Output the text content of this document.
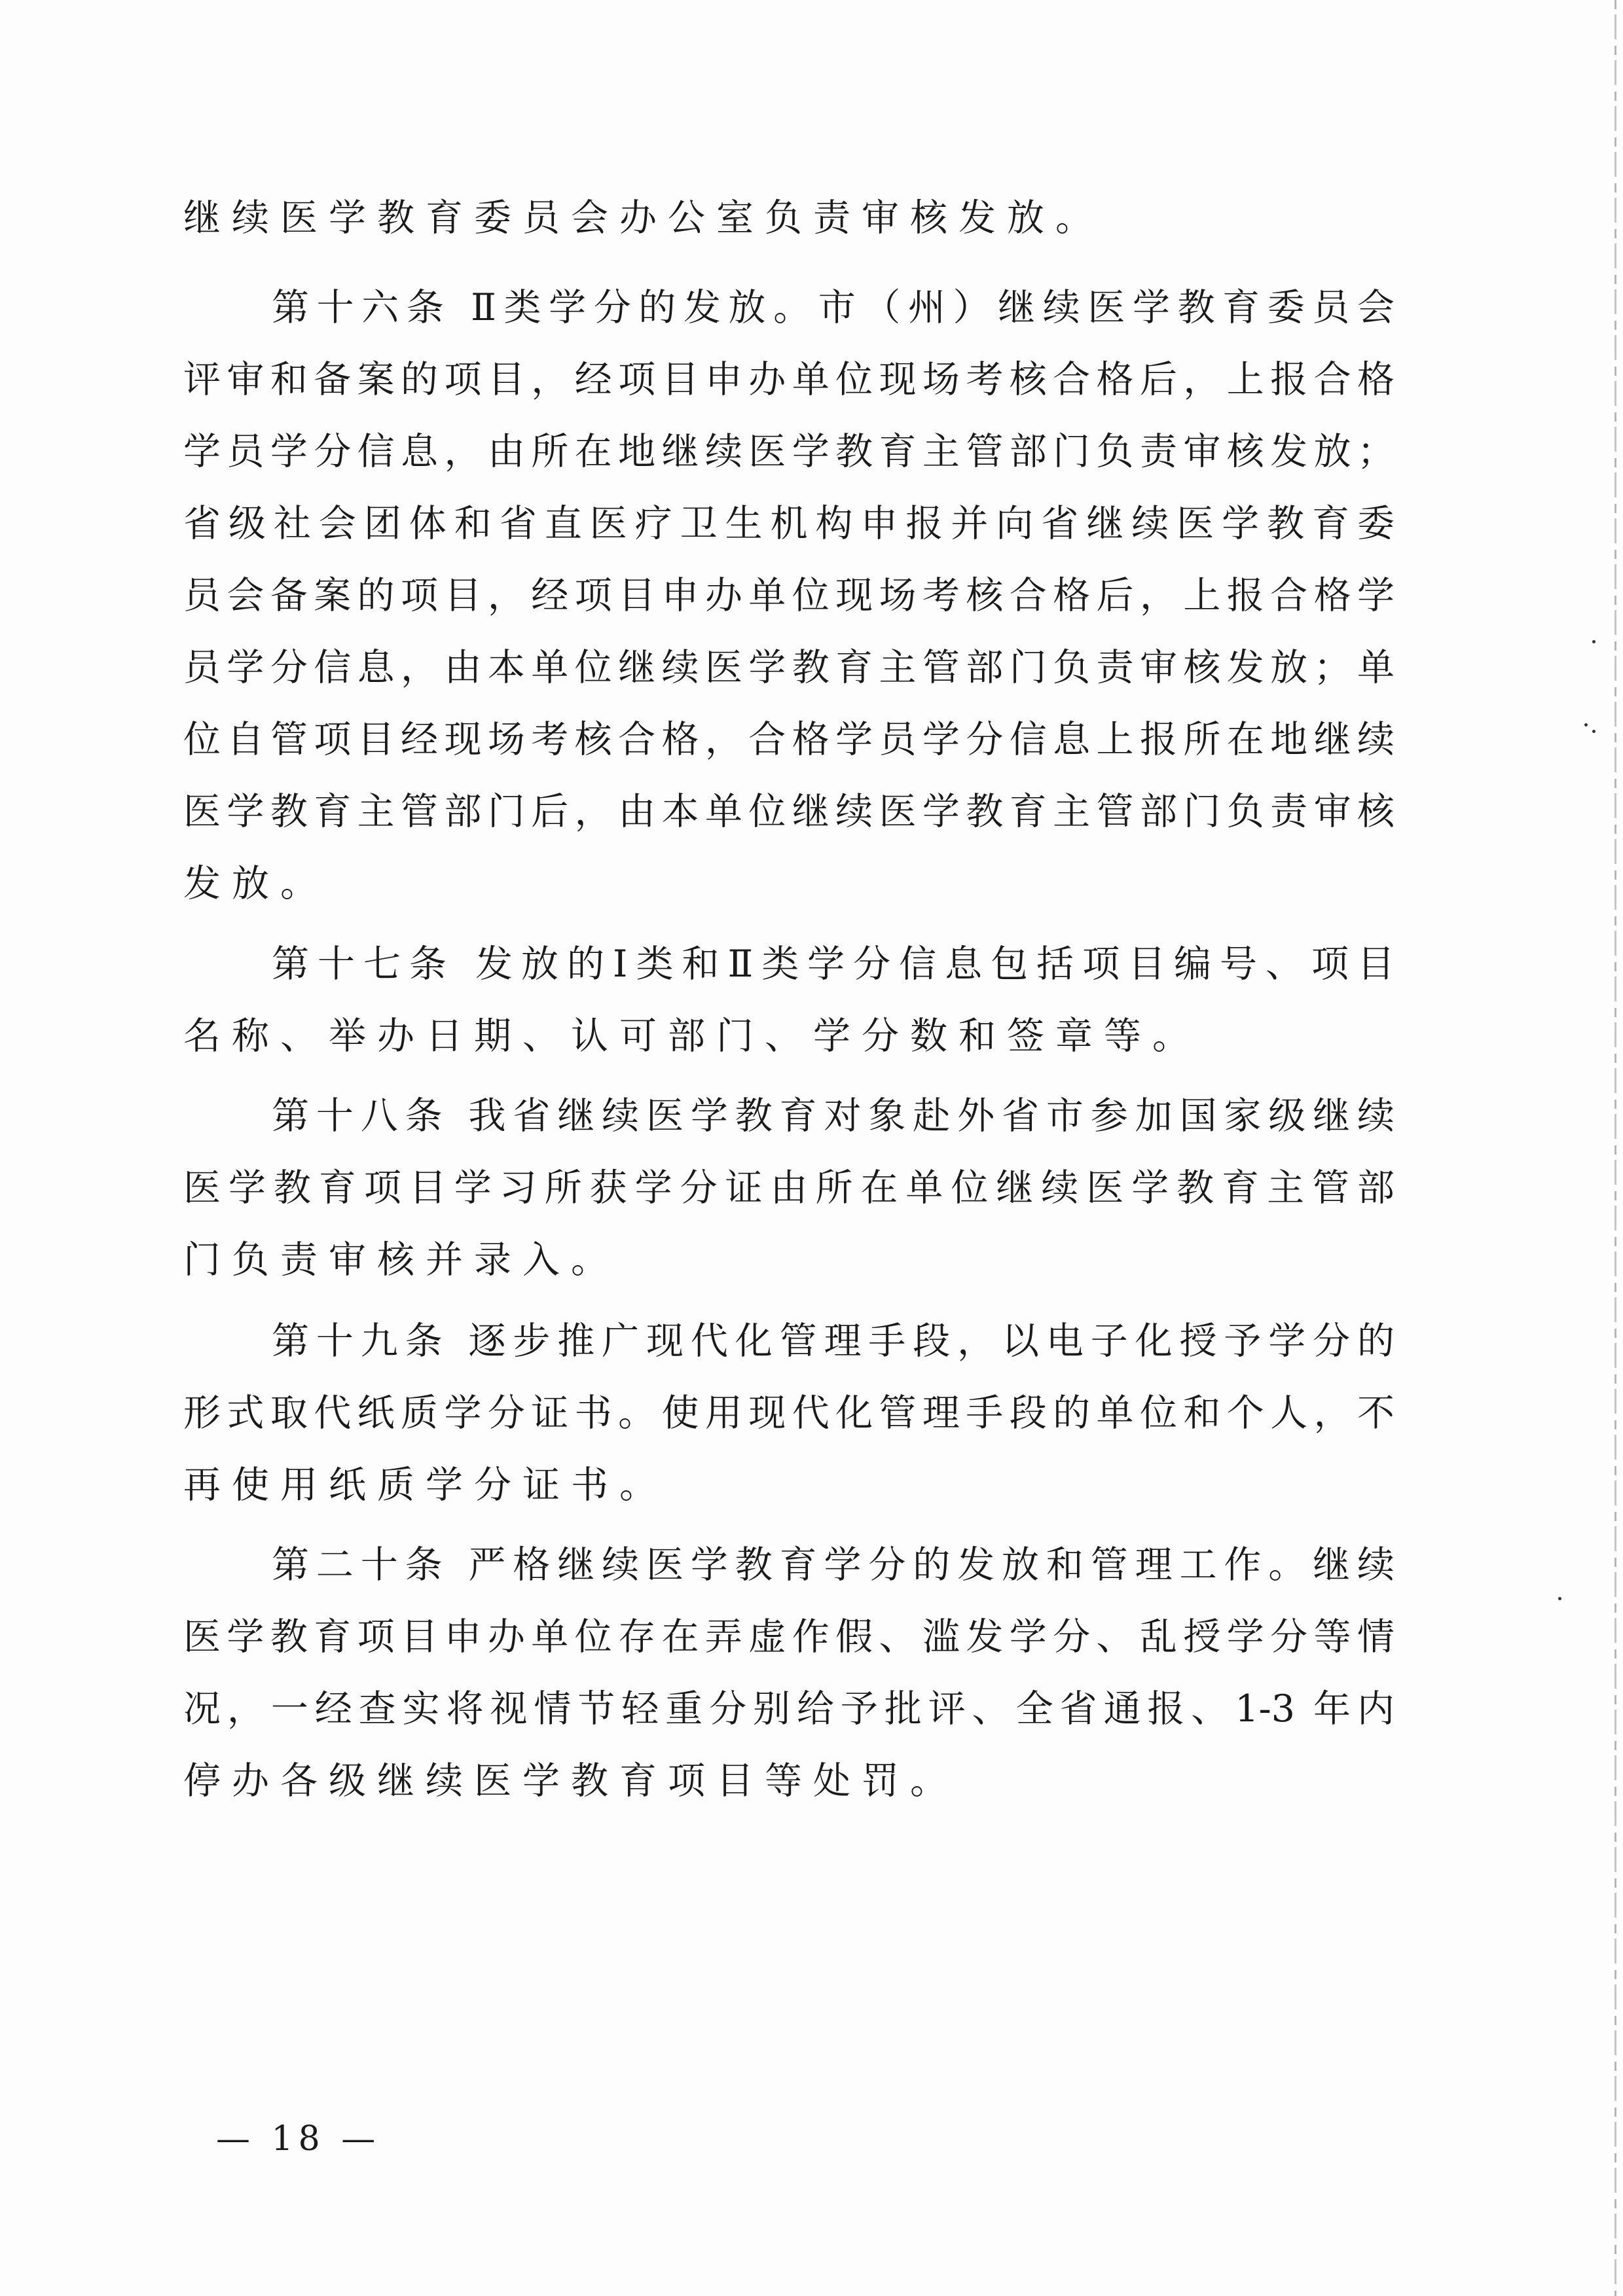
继续医学教育委员会办公室负责审核发放。
第十六条 Ⅱ类学分的发放。市（州）继续医学教育委员会
评审和备案的项目，经项目申办单位现场考核合格后，上报合格
学员学分信息，由所在地继续医学教育主管部门负责审核发放；
省级社会团体和省直医疗卫生机构申报并向省继续医学教育委
员会备案的项目，经项目申办单位现场考核合格后，上报合格学
员学分信息，由本单位继续医学教育主管部门负责审核发放；单
位自管项目经现场考核合格，合格学员学分信息上报所在地继续
医学教育主管部门后，由本单位继续医学教育主管部门负责审核
发放。
第十七条 发放的Ⅰ类和Ⅱ类学分信息包括项目编号、项目
名称、举办日期、认可部门、学分数和签章等。
第十八条 我省继续医学教育对象赴外省市参加国家级继续
医学教育项目学习所获学分证由所在单位继续医学教育主管部
门负责审核并录入。
第十九条 逐步推广现代化管理手段，以电子化授予学分的
形式取代纸质学分证书。使用现代化管理手段的单位和个人，不
再使用纸质学分证书。
第二十条 严格继续医学教育学分的发放和管理工作。继续
医学教育项目申办单位存在弄虚作假、滥发学分、乱授学分等情
况，一经查实将视情节轻重分别给予批评、全省通报、1-3 年内
停办各级继续医学教育项目等处罚。
— 18 —
